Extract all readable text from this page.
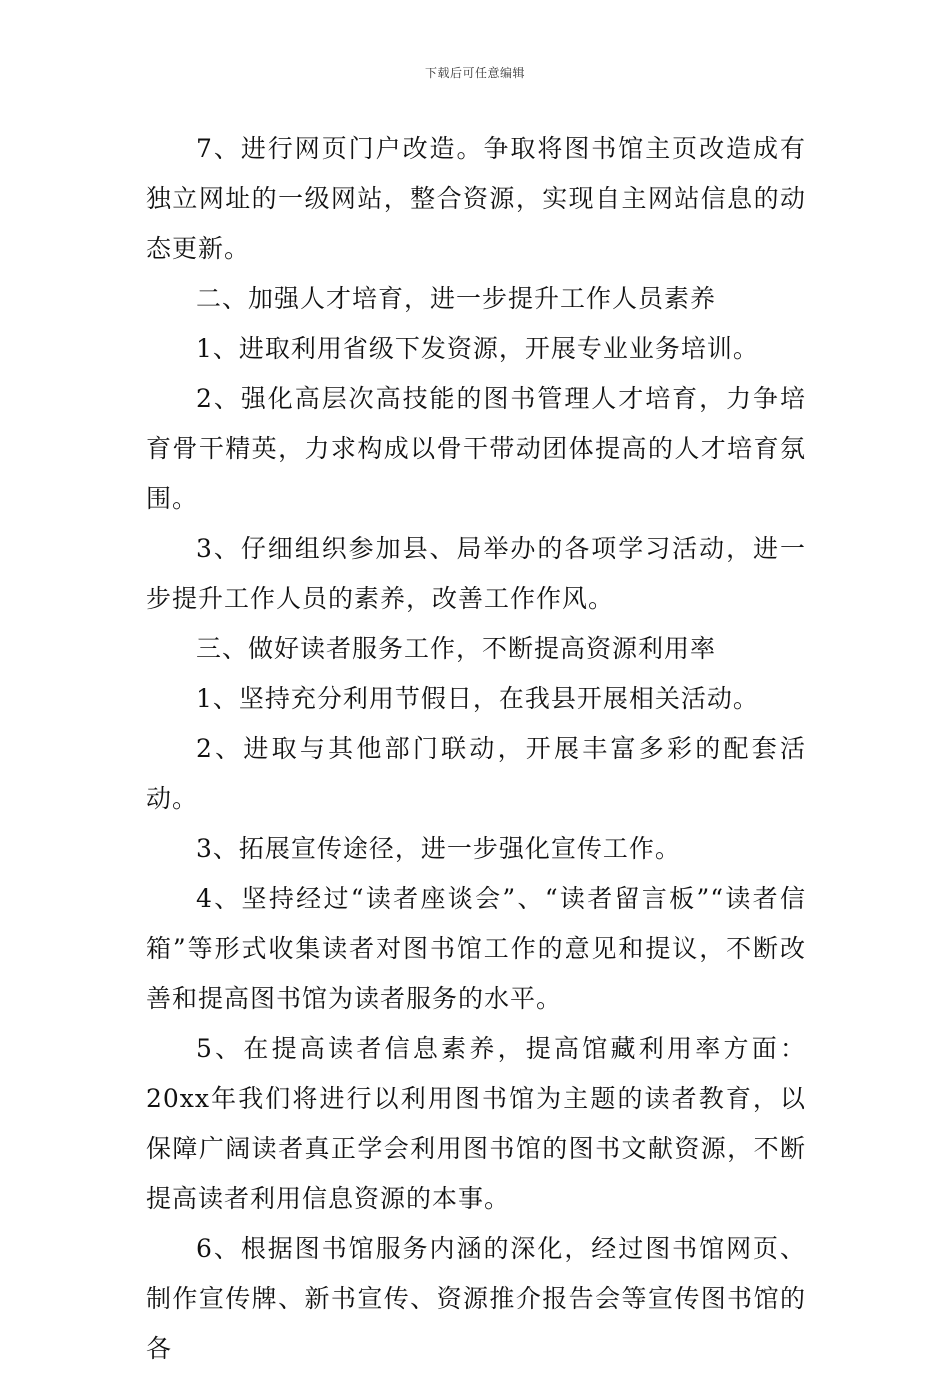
下载后可任意编辑

7、进行网页门户改造。争取将图书馆主页改造成有独立网址的一级网站，整合资源，实现自主网站信息的动态更新。

二、加强人才培育，进一步提升工作人员素养

1、进取利用省级下发资源，开展专业业务培训。

2、强化高层次高技能的图书管理人才培育，力争培育骨干精英，力求构成以骨干带动团体提高的人才培育氛围。

3、仔细组织参加县、局举办的各项学习活动，进一步提升工作人员的素养，改善工作作风。

三、做好读者服务工作，不断提高资源利用率

1、坚持充分利用节假日，在我县开展相关活动。

2、进取与其他部门联动，开展丰富多彩的配套活动。

3、拓展宣传途径，进一步强化宣传工作。

4、坚持经过“读者座谈会”、“读者留言板”“读者信箱”等形式收集读者对图书馆工作的意见和提议，不断改善和提高图书馆为读者服务的水平。

5、在提高读者信息素养，提高馆藏利用率方面：20xx年我们将进行以利用图书馆为主题的读者教育，以保障广阔读者真正学会利用图书馆的图书文献资源，不断提高读者利用信息资源的本事。

6、根据图书馆服务内涵的深化，经过图书馆网页、制作宣传牌、新书宣传、资源推介报告会等宣传图书馆的各
